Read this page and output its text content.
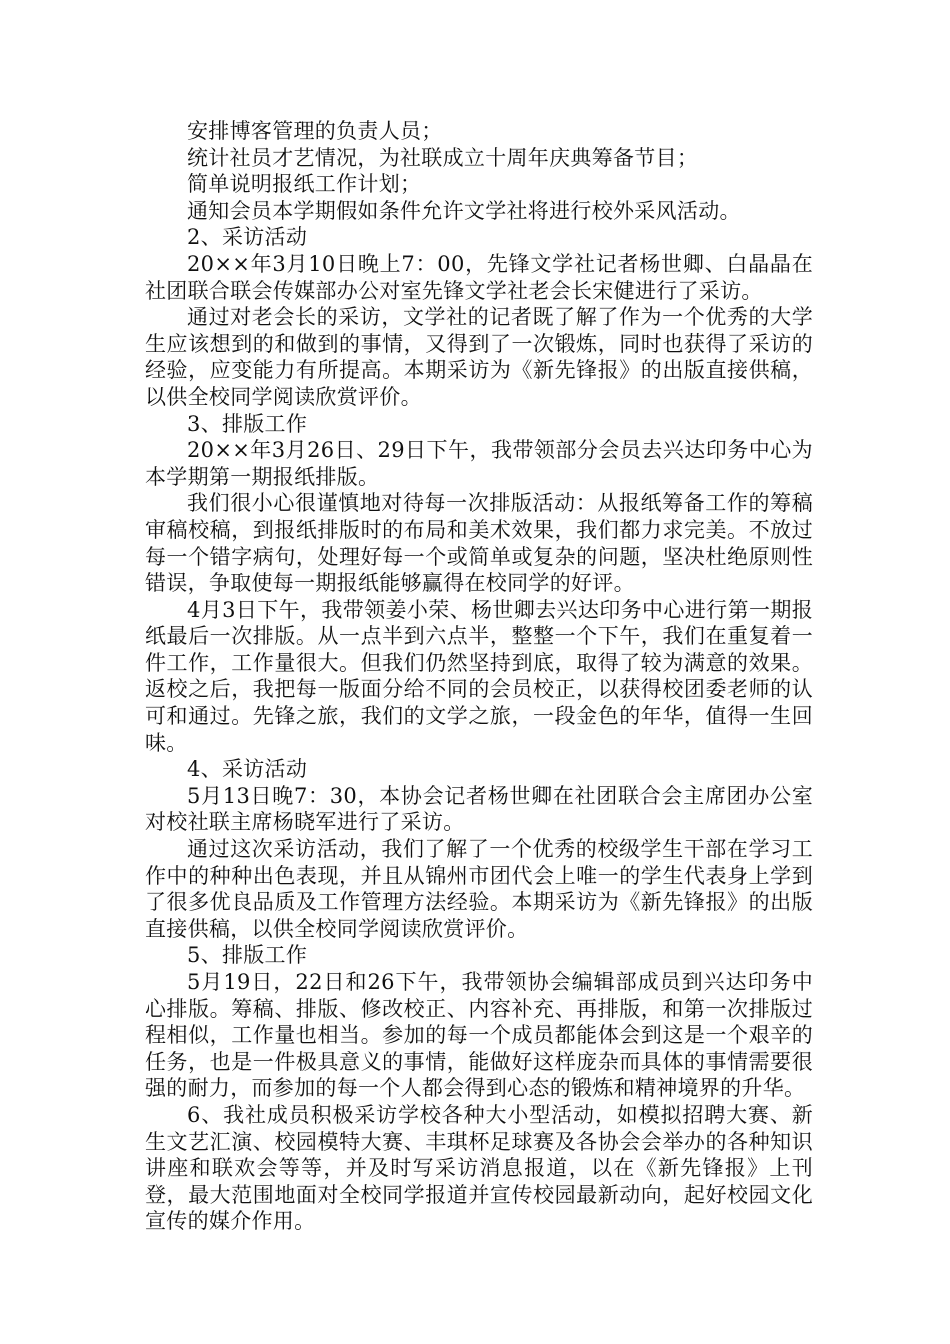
安排博客管理的负责人员；

统计社员才艺情况，为社联成立十周年庆典筹备节目；

简单说明报纸工作计划；

通知会员本学期假如条件允许文学社将进行校外采风活动。

2、采访活动

20××年3月10日晚上7：00，先锋文学社记者杨世卿、白晶晶在社团联合联会传媒部办公对室先锋文学社老会长宋健进行了采访。

通过对老会长的采访，文学社的记者既了解了作为一个优秀的大学生应该想到的和做到的事情，又得到了一次锻炼，同时也获得了采访的经验，应变能力有所提高。本期采访为《新先锋报》的出版直接供稿，以供全校同学阅读欣赏评价。

3、排版工作

20××年3月26日、29日下午，我带领部分会员去兴达印务中心为本学期第一期报纸排版。

我们很小心很谨慎地对待每一次排版活动：从报纸筹备工作的筹稿审稿校稿，到报纸排版时的布局和美术效果，我们都力求完美。不放过每一个错字病句，处理好每一个或简单或复杂的问题，坚决杜绝原则性错误，争取使每一期报纸能够赢得在校同学的好评。

4月3日下午，我带领姜小荣、杨世卿去兴达印务中心进行第一期报纸最后一次排版。从一点半到六点半，整整一个下午，我们在重复着一件工作，工作量很大。但我们仍然坚持到底，取得了较为满意的效果。返校之后，我把每一版面分给不同的会员校正，以获得校团委老师的认可和通过。先锋之旅，我们的文学之旅，一段金色的年华，值得一生回味。

4、采访活动

5月13日晚7：30，本协会记者杨世卿在社团联合会主席团办公室对校社联主席杨晓军进行了采访。

通过这次采访活动，我们了解了一个优秀的校级学生干部在学习工作中的种种出色表现，并且从锦州市团代会上唯一的学生代表身上学到了很多优良品质及工作管理方法经验。本期采访为《新先锋报》的出版直接供稿，以供全校同学阅读欣赏评价。

5、排版工作

5月19日，22日和26下午，我带领协会编辑部成员到兴达印务中心排版。筹稿、排版、修改校正、内容补充、再排版，和第一次排版过程相似，工作量也相当。参加的每一个成员都能体会到这是一个艰辛的任务，也是一件极具意义的事情，能做好这样庞杂而具体的事情需要很强的耐力，而参加的每一个人都会得到心态的锻炼和精神境界的升华。

6、我社成员积极采访学校各种大小型活动，如模拟招聘大赛、新生文艺汇演、校园模特大赛、丰琪杯足球赛及各协会会举办的各种知识讲座和联欢会等等，并及时写采访消息报道，以在《新先锋报》上刊登，最大范围地面对全校同学报道并宣传校园最新动向，起好校园文化宣传的媒介作用。
